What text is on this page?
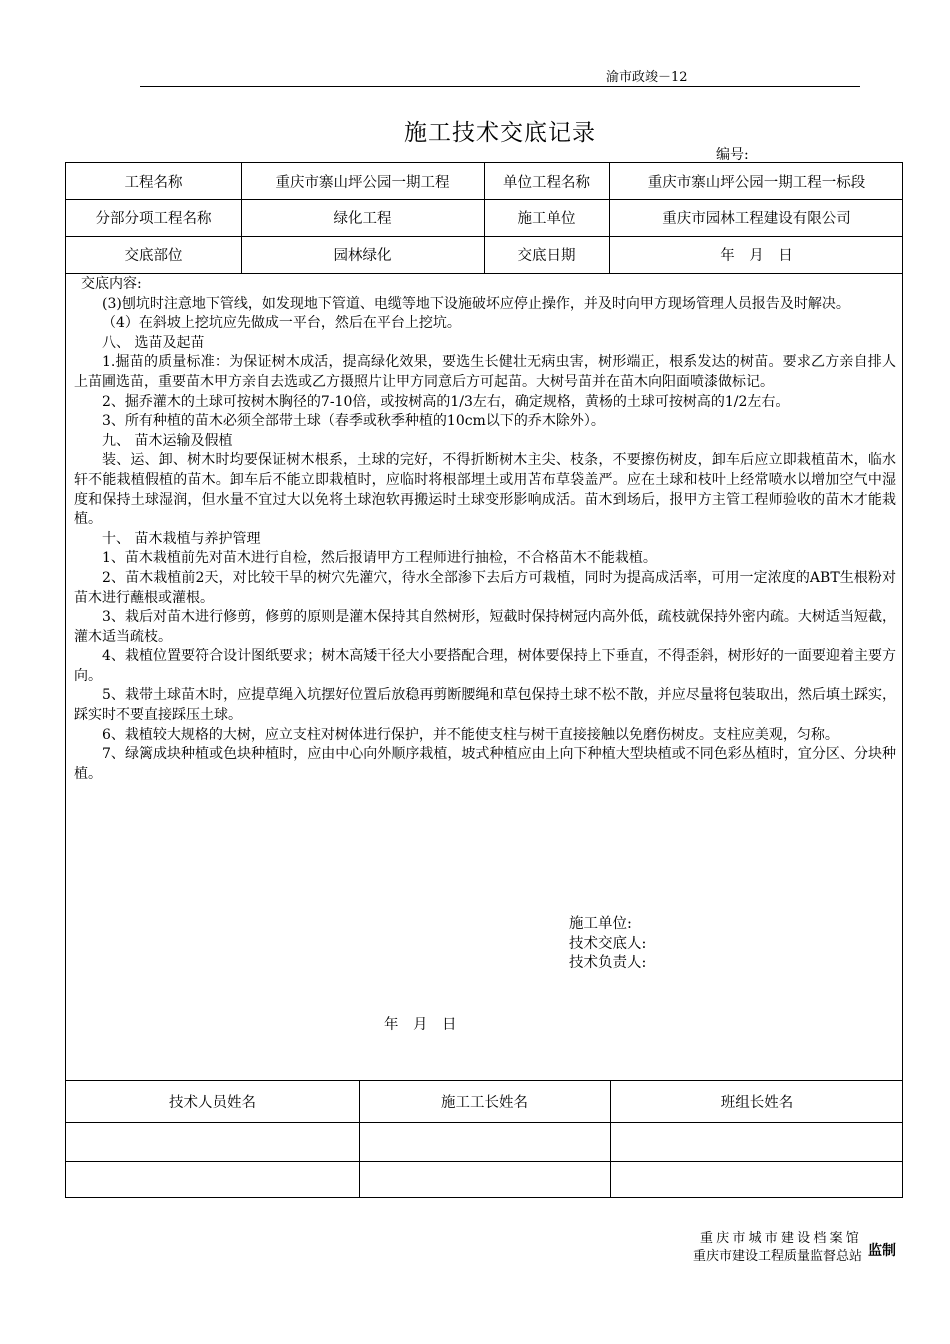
渝市政竣－12
施工技术交底记录
编号:
工程名称	重庆市寨山坪公园一期工程	单位工程名称	重庆市寨山坪公园一期工程一标段
分部分项工程名称	绿化工程	施工单位	重庆市园林工程建设有限公司
交底部位	园林绿化	交底日期	年　月　日

交底内容:

(3)刨坑时注意地下管线，如发现地下管道、电缆等地下设施破坏应停止操作，并及时向甲方现场管理人员报告及时解决。

（4）在斜坡上挖坑应先做成一平台，然后在平台上挖坑。

八、 选苗及起苗

1.掘苗的质量标准：为保证树木成活，提高绿化效果，要选生长健壮无病虫害，树形端正，根系发达的树苗。要求乙方亲自排人上苗圃选苗，重要苗木甲方亲自去选或乙方摄照片让甲方同意后方可起苗。大树号苗并在苗木向阳面喷漆做标记。

2、掘乔灌木的土球可按树木胸径的7-10倍，或按树高的1/3左右，确定规格，黄杨的土球可按树高的1/2左右。

3、所有种植的苗木必须全部带土球（春季或秋季种植的10cm以下的乔木除外）。

九、 苗木运输及假植

装、运、卸、树木时均要保证树木根系，土球的完好，不得折断树木主尖、枝条，不要擦伤树皮，卸车后应立即栽植苗木，临水轩不能栽植假植的苗木。卸车后不能立即栽植时，应临时将根部埋土或用苫布草袋盖严。应在土球和枝叶上经常喷水以增加空气中湿度和保持土球湿润，但水量不宜过大以免将土球泡软再搬运时土球变形影响成活。苗木到场后，报甲方主管工程师验收的苗木才能栽植。

十、 苗木栽植与养护管理

1、苗木栽植前先对苗木进行自检，然后报请甲方工程师进行抽检，不合格苗木不能栽植。

2、苗木栽植前2天，对比较干旱的树穴先灌穴，待水全部渗下去后方可栽植，同时为提高成活率，可用一定浓度的ABT生根粉对苗木进行蘸根或灌根。

3、栽后对苗木进行修剪，修剪的原则是灌木保持其自然树形，短截时保持树冠内高外低，疏枝就保持外密内疏。大树适当短截，灌木适当疏枝。

4、栽植位置要符合设计图纸要求；树木高矮干径大小要搭配合理，树体要保持上下垂直，不得歪斜，树形好的一面要迎着主要方向。

5、栽带土球苗木时，应提草绳入坑摆好位置后放稳再剪断腰绳和草包保持土球不松不散，并应尽量将包装取出，然后填土踩实，踩实时不要直接踩压土球。

6、栽植较大规格的大树，应立支柱对树体进行保护，并不能使支柱与树干直接接触以免磨伤树皮。支柱应美观，匀称。

7、绿篱成块种植或色块种植时，应由中心向外顺序栽植，坡式种植应由上向下种植大型块植或不同色彩丛植时，宜分区、分块种植。

施工单位:
技术交底人:
技术负责人:
年　月　日
技术人员姓名	施工工长姓名	班组长姓名
重庆市城市建设档案馆
重庆市建设工程质量监督总站 监制
